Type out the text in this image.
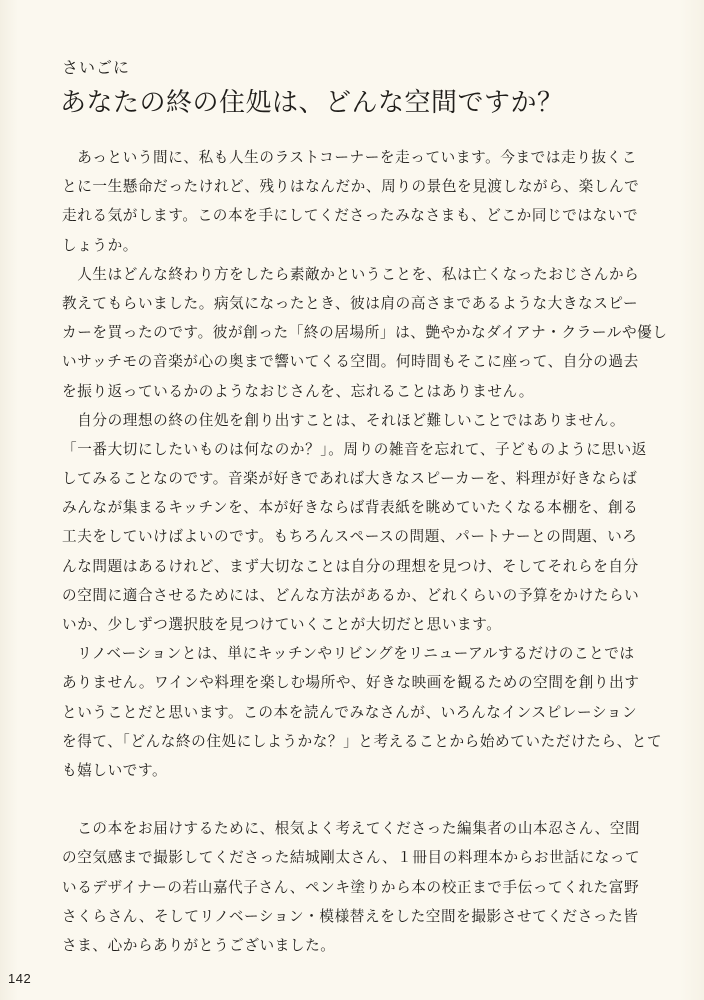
さいごに
あなたの終の住処は、どんな空間ですか？
　あっという間に、私も人生のラストコーナーを走っています。今までは走り抜くこ
とに一生懸命だったけれど、残りはなんだか、周りの景色を見渡しながら、楽しんで
走れる気がします。この本を手にしてくださったみなさまも、どこか同じではないで
しょうか。
　人生はどんな終わり方をしたら素敵かということを、私は亡くなったおじさんから
教えてもらいました。病気になったとき、彼は肩の高さまであるような大きなスピー
カーを買ったのです。彼が創った「終の居場所」は、艶やかなダイアナ・クラールや優し
いサッチモの音楽が心の奥まで響いてくる空間。何時間もそこに座って、自分の過去
を振り返っているかのようなおじさんを、忘れることはありません。
　自分の理想の終の住処を創り出すことは、それほど難しいことではありません。
「一番大切にしたいものは何なのか？」。周りの雑音を忘れて、子どものように思い返
してみることなのです。音楽が好きであれば大きなスピーカーを、料理が好きならば
みんなが集まるキッチンを、本が好きならば背表紙を眺めていたくなる本棚を、創る
工夫をしていけばよいのです。もちろんスペースの問題、パートナーとの問題、いろ
んな問題はあるけれど、まず大切なことは自分の理想を見つけ、そしてそれらを自分
の空間に適合させるためには、どんな方法があるか、どれくらいの予算をかけたらい
いか、少しずつ選択肢を見つけていくことが大切だと思います。
　リノベーションとは、単にキッチンやリビングをリニューアルするだけのことでは
ありません。ワインや料理を楽しむ場所や、好きな映画を観るための空間を創り出す
ということだと思います。この本を読んでみなさんが、いろんなインスピレーション
を得て、「どんな終の住処にしようかな？」と考えることから始めていただけたら、とて
も嬉しいです。
　この本をお届けするために、根気よく考えてくださった編集者の山本忍さん、空間
の空気感まで撮影してくださった結城剛太さん、１冊目の料理本からお世話になって
いるデザイナーの若山嘉代子さん、ペンキ塗りから本の校正まで手伝ってくれた富野
さくらさん、そしてリノベーション・模様替えをした空間を撮影させてくださった皆
さま、心からありがとうございました。
142
